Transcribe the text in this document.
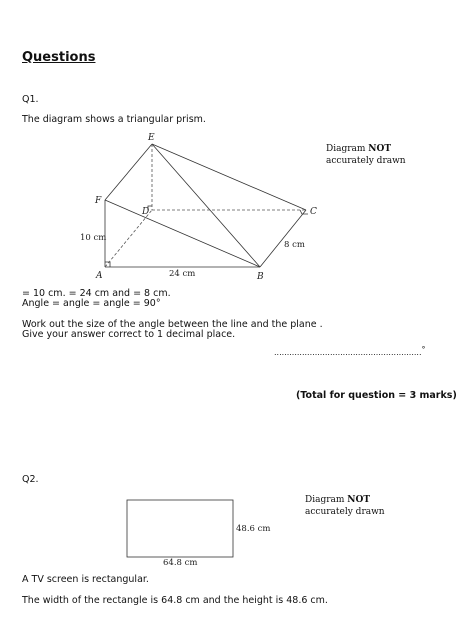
Questions
Q1.
The diagram shows a triangular prism.
E
F
D	C
A	B
10 cm
24 cm
8 cm
Diagram NOT
accurately drawn
= 10 cm. = 24 cm and = 8 cm.
Angle = angle = angle = 90°
Work out the size of the angle between the line and the plane .
Give your answer correct to 1 decimal place.
..........................................................°
(Total for question = 3 marks)
Q2.
48.6 cm
64.8 cm
Diagram NOT
accurately drawn
A TV screen is rectangular.
The width of the rectangle is 64.8 cm and the height is 48.6 cm.
